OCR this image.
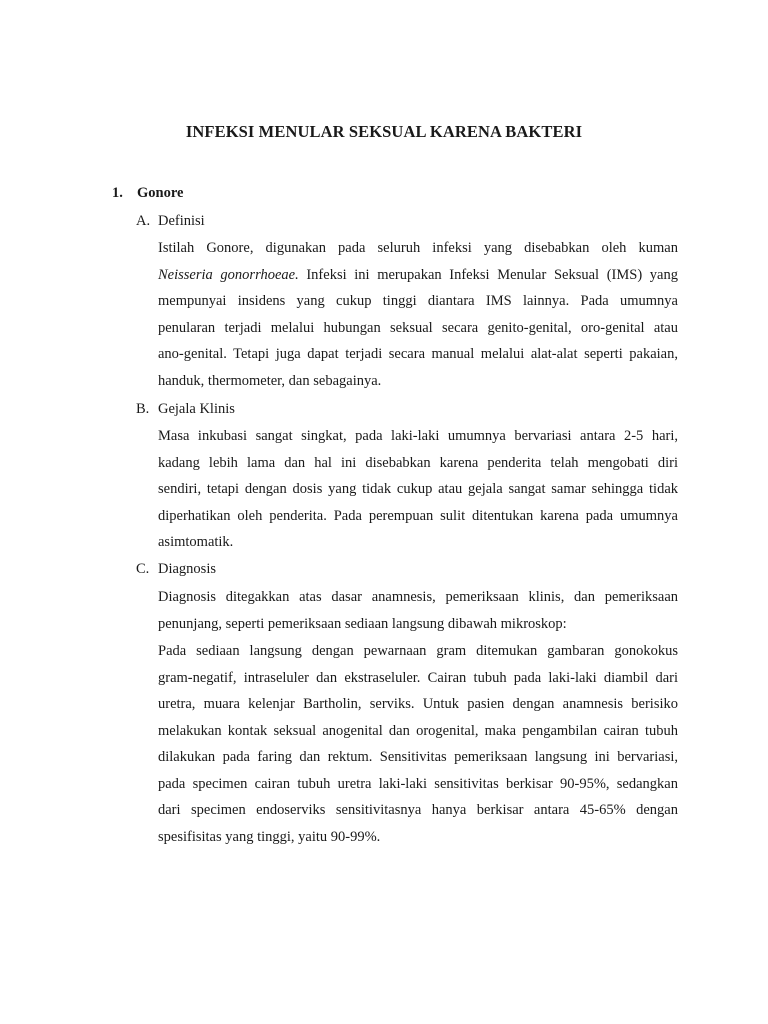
INFEKSI MENULAR SEKSUAL KARENA BAKTERI
1. Gonore
A. Definisi
Istilah Gonore, digunakan pada seluruh infeksi yang disebabkan oleh kuman
Neisseria gonorrhoeae. Infeksi ini merupakan Infeksi Menular Seksual (IMS) yang
mempunyai insidens yang cukup tinggi diantara IMS lainnya. Pada umumnya
penularan terjadi melalui hubungan seksual secara genito-genital, oro-genital atau
ano-genital. Tetapi juga dapat terjadi secara manual melalui alat-alat seperti pakaian,
handuk, thermometer, dan sebagainya.
B. Gejala Klinis
Masa inkubasi sangat singkat, pada laki-laki umumnya bervariasi antara 2-5 hari,
kadang lebih lama dan hal ini disebabkan karena penderita telah mengobati diri
sendiri, tetapi dengan dosis yang tidak cukup atau gejala sangat samar sehingga tidak
diperhatikan oleh penderita. Pada perempuan sulit ditentukan karena pada umumnya
asimtomatik.
C. Diagnosis
Diagnosis ditegakkan atas dasar anamnesis, pemeriksaan klinis, dan pemeriksaan
penunjang, seperti pemeriksaan sediaan langsung dibawah mikroskop:
Pada sediaan langsung dengan pewarnaan gram ditemukan gambaran gonokokus
gram-negatif, intraseluler dan ekstraseluler. Cairan tubuh pada laki-laki diambil dari
uretra, muara kelenjar Bartholin, serviks. Untuk pasien dengan anamnesis berisiko
melakukan kontak seksual anogenital dan orogenital, maka pengambilan cairan tubuh
dilakukan pada faring dan rektum. Sensitivitas pemeriksaan langsung ini bervariasi,
pada specimen cairan tubuh uretra laki-laki sensitivitas berkisar 90-95%, sedangkan
dari specimen endoserviks sensitivitasnya hanya berkisar antara 45-65% dengan
spesifisitas yang tinggi, yaitu 90-99%.
